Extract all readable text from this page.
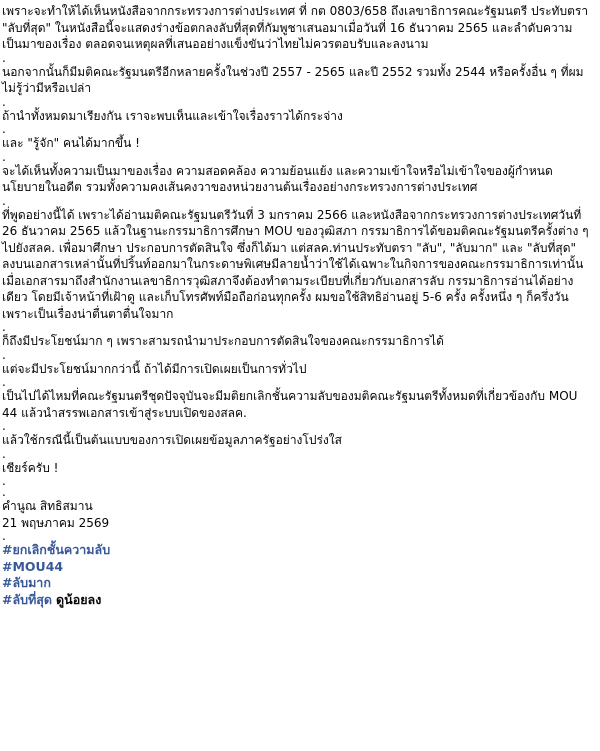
เพราะจะทำให้ได้เห็นหนังสือจากกระทรวงการต่างประเทศ ที่ กต 0803/658 ถึงเลขาธิการคณะรัฐมนตรี ประทับตรา "ลับที่สุด" ในหนังสือนี้จะแสดงร่างข้อตกลงลับที่สุดที่กัมพูชาเสนอมาเมื่อวันที่ 16 ธันวาคม 2565 และลำดับความเป็นมาของเรื่อง ตลอดจนเหตุผลที่เสนออย่างแข็งขันว่าไทยไม่ควรตอบรับและลงนาม

.

นอกจากนั้นก็มีมติคณะรัฐมนตรีอีกหลายครั้งในช่วงปี 2557 - 2565 และปี 2552 รวมทั้ง 2544 หรือครั้งอื่น ๆ ที่ผมไม่รู้ว่ามีหรือเปล่า

.

ถ้านำทั้งหมดมาเรียงกัน เราจะพบเห็นและเข้าใจเรื่องราวได้กระจ่าง

.

และ "รู้จัก" คนได้มากขึ้น !

.

จะได้เห็นทั้งความเป็นมาของเรื่อง ความสอดคล้อง ความย้อนแย้ง และความเข้าใจหรือไม่เข้าใจของผู้กำหนดนโยบายในอดีต รวมทั้งความคงเส้นคงวาของหน่วยงานต้นเรื่องอย่างกระทรวงการต่างประเทศ

.

ที่พูดอย่างนี้ได้ เพราะได้อ่านมติคณะรัฐมนตรีวันที่ 3 มกราคม 2566 และหนังสือจากกระทรวงการต่างประเทศวันที่ 26 ธันวาคม 2565 แล้วในฐานะกรรมาธิการศึกษา MOU ของวุฒิสภา กรรมาธิการได้ขอมติคณะรัฐมนตรีครั้งต่าง ๆ ไปยังสลค. เพื่อมาศึกษา ประกอบการตัดสินใจ ซึ่งก็ได้มา แต่สลค.ท่านประทับตรา "ลับ", "ลับมาก" และ "ลับที่สุด" ลงบนเอกสารเหล่านั้นที่ปริ้นท์ออกมาในกระดาษพิเศษมีลายน้ำว่าใช้ได้เฉพาะในกิจการของคณะกรรมาธิการเท่านั้น เมื่อเอกสารมาถึงสำนักงานเลขาธิการวุฒิสภาจึงต้องทำตามระเบียบที่เกี่ยวกับเอกสารลับ กรรมาธิการอ่านได้อย่างเดียว โดยมีเจ้าหน้าที่เฝ้าดู และเก็บโทรศัพท์มือถือก่อนทุกครั้ง ผมขอใช้สิทธิอ่านอยู่ 5-6 ครั้ง ครั้งหนึ่ง ๆ ก็ครึ่งวัน เพราะเป็นเรื่องน่าตื่นตาตื่นใจมาก

.

ก็ถึงมีประโยชน์มาก ๆ เพราะสามรถนำมาประกอบการตัดสินใจของคณะกรรมาธิการได้

.

แต่จะมีประโยชน์มากกว่านี้ ถ้าได้มีการเปิดเผยเป็นการทั่วไป

.

เป็นไปได้ไหมที่คณะรัฐมนตรีชุดปัจจุบันจะมีมติยกเลิกชั้นความลับของมติคณะรัฐมนตรีทั้งหมดที่เกี่ยวข้องกับ MOU 44 แล้วนำสรรพเอกสารเข้าสู่ระบบเปิดของสลค.

.

แล้วใช้กรณีนี้เป็นต้นแบบของการเปิดเผยข้อมูลภาครัฐอย่างโปร่งใส

.

เชียร์ครับ !

.

.

คำนูณ สิทธิสมาน

21 พฤษภาคม 2569

.

#ยกเลิกชั้นความลับ
#MOU44
#ลับมาก

#ลับที่สุด ดูน้อยลง
